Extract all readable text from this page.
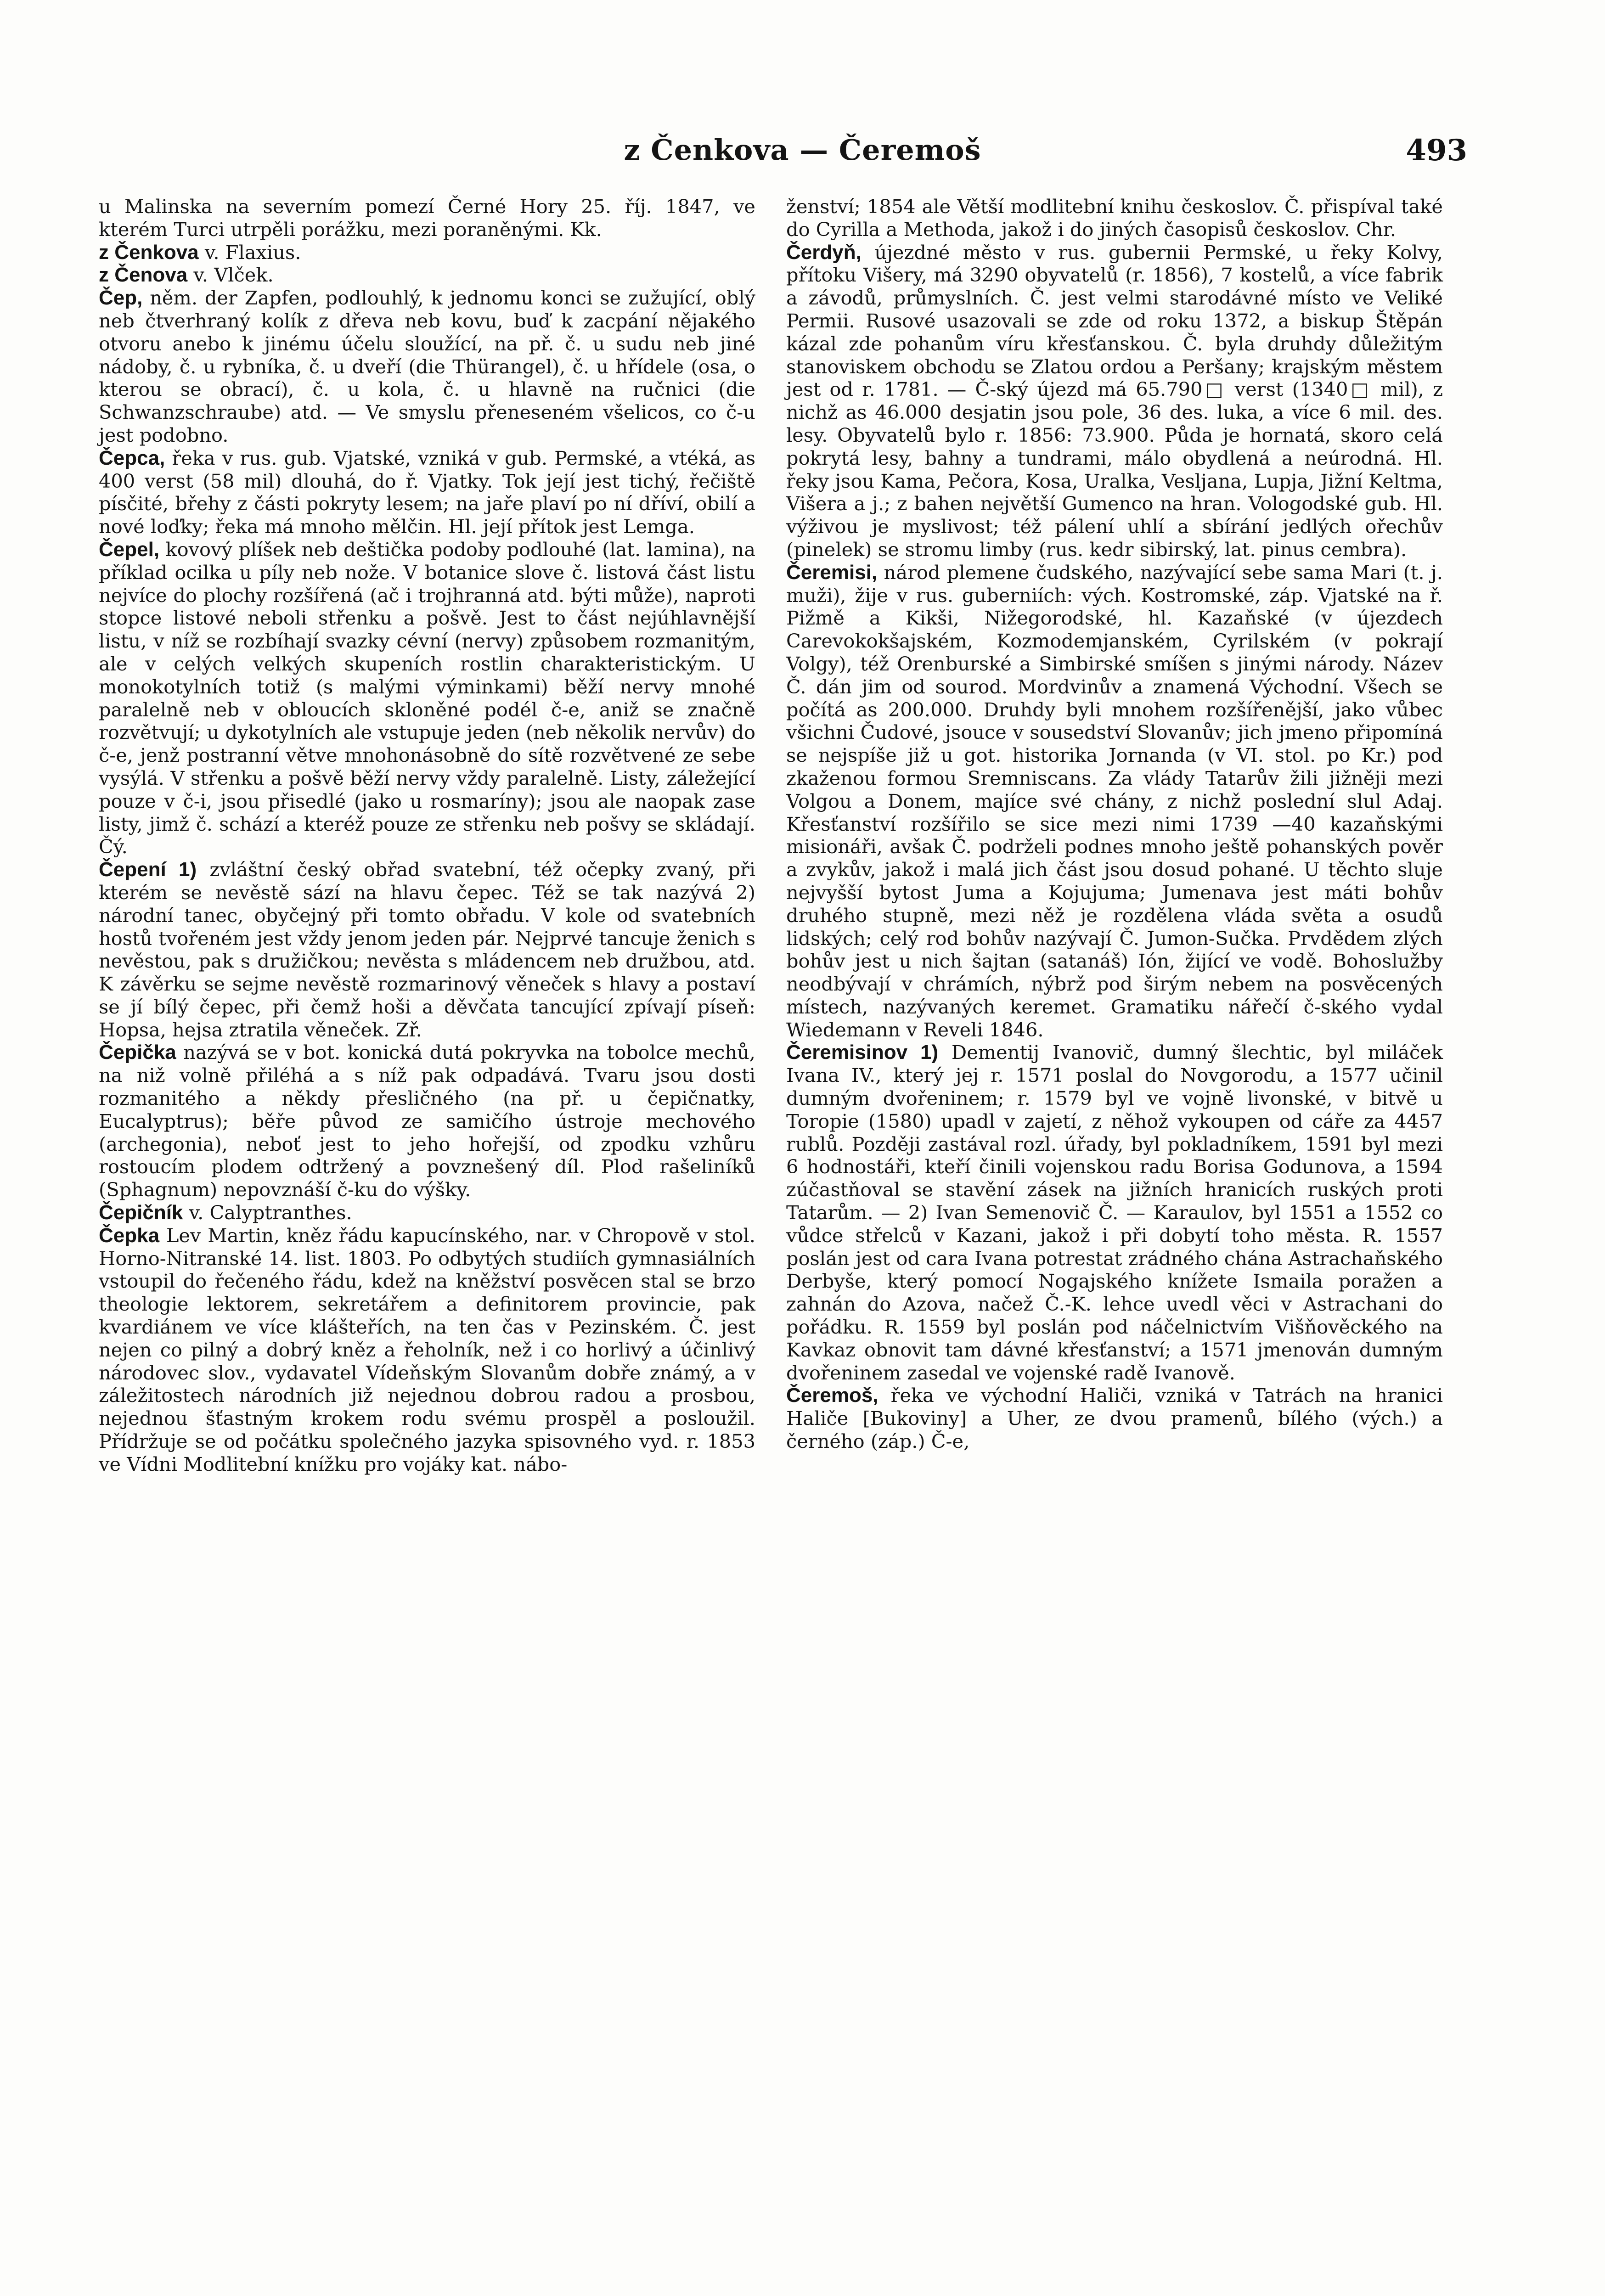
z Čenkova — Čeremoš	493

u Malinska na severním pomezí Černé Hory 25. říj. 1847, ve kterém Turci utrpěli porážku, mezi poraněnými. Kk.

z Čenkova v. Flaxius.

z Čenova v. Vlček.

Čep, něm. der Zapfen, podlouhlý, k jednomu konci se zužující, oblý neb čtverhraný kolík z dřeva neb kovu, buď k zacpání nějakého otvoru anebo k jinému účelu sloužící, na př. č. u sudu neb jiné nádoby, č. u rybníka, č. u dveří (die Thürangel), č. u hřídele (osa, o kterou se obrací), č. u kola, č. u hlavně na ručnici (die Schwanzschraube) atd. — Ve smyslu přeneseném všelicos, co č-u jest podobno.

Čepca, řeka v rus. gub. Vjatské, vzniká v gub. Permské, a vtéká, as 400 verst (58 mil) dlouhá, do ř. Vjatky. Tok její jest tichý, řečiště písčité, břehy z části pokryty lesem; na jaře plaví po ní dříví, obilí a nové loďky; řeka má mnoho mělčin. Hl. její přítok jest Lemga.

Čepel, kovový plíšek neb deštička podoby podlouhé (lat. lamina), na příklad ocilka u píly neb nože. V botanice slove č. listová část listu nejvíce do plochy rozšířená (ač i trojhranná atd. býti může), naproti stopce listové neboli střenku a pošvě. Jest to část nejúhlavnější listu, v níž se rozbíhají svazky cévní (nervy) způsobem rozmanitým, ale v celých velkých skupeních rostlin charakteristickým. U monokotylních totiž (s malými výminkami) běží nervy mnohé paralelně neb v obloucích skloněné podél č-e, aniž se značně rozvětvují; u dykotylních ale vstupuje jeden (neb několik nervův) do č-e, jenž postranní větve mnohonásobně do sítě rozvětvené ze sebe vysýlá. V střenku a pošvě běží nervy vždy paralelně. Listy, záležející pouze v č-i, jsou přisedlé (jako u rosmaríny); jsou ale naopak zase listy, jimž č. schází a kteréž pouze ze střenku neb pošvy se skládají. Čý.

Čepení 1) zvláštní český obřad svatební, též očepky zvaný, při kterém se nevěstě sází na hlavu čepec. Též se tak nazývá 2) národní tanec, obyčejný při tomto obřadu. V kole od svatebních hostů tvořeném jest vždy jenom jeden pár. Nejprvé tancuje ženich s nevěstou, pak s družičkou; nevěsta s mládencem neb družbou, atd. K závěrku se sejme nevěstě rozmarinový věneček s hlavy a postaví se jí bílý čepec, při čemž hoši a děvčata tancující zpívají píseň: Hopsa, hejsa ztratila věneček. Zř.

Čepička nazývá se v bot. konická dutá pokryvka na tobolce mechů, na niž volně přiléhá a s níž pak odpadává. Tvaru jsou dosti rozmanitého a někdy přesličného (na př. u čepičnatky, Eucalyptrus); běře původ ze samičího ústroje mechového (archegonia), neboť jest to jeho hořejší, od zpodku vzhůru rostoucím plodem odtržený a povznešený díl. Plod rašeliníků (Sphagnum) nepovznáší č-ku do výšky.

Čepičník v. Calyptranthes.

Čepka Lev Martin, kněz řádu kapucínského, nar. v Chropově v stol. Horno-Nitranské 14. list. 1803. Po odbytých studiích gymnasiálních vstoupil do řečeného řádu, kdež na kněžství posvěcen stal se brzo theologie lektorem, sekretářem a definitorem provincie, pak kvardiánem ve více klášteřích, na ten čas v Pezinském. Č. jest nejen co pilný a dobrý kněz a řeholník, než i co horlivý a účinlivý národovec slov., vydavatel Vídeňským Slovanům dobře známý, a v záležitostech národních již nejednou dobrou radou a prosbou, nejednou šťastným krokem rodu svému prospěl a posloužil. Přídržuje se od počátku společného jazyka spisovného vyd. r. 1853 ve Vídni Modlitební knížku pro vojáky kat. nábo-

ženství; 1854 ale Větší modlitební knihu českoslov. Č. přispíval také do Cyrilla a Methoda, jakož i do jiných časopisů českoslov. Chr.

Čerdyň, újezdné město v rus. gubernii Permské, u řeky Kolvy, přítoku Višery, má 3290 obyvatelů (r. 1856), 7 kostelů, a více fabrik a závodů, průmyslních. Č. jest velmi starodávné místo ve Veliké Permii. Rusové usazovali se zde od roku 1372, a biskup Štěpán kázal zde pohanům víru křesťanskou. Č. byla druhdy důležitým stanoviskem obchodu se Zlatou ordou a Peršany; krajským městem jest od r. 1781. — Č-ský újezd má 65.790□ verst (1340□ mil), z nichž as 46.000 desjatin jsou pole, 36 des. luka, a více 6 mil. des. lesy. Obyvatelů bylo r. 1856: 73.900. Půda je hornatá, skoro celá pokrytá lesy, bahny a tundrami, málo obydlená a neúrodná. Hl. řeky jsou Kama, Pečora, Kosa, Uralka, Vesljana, Lupja, Jižní Keltma, Višera a j.; z bahen největší Gumenco na hran. Vologodské gub. Hl. výživou je myslivost; též pálení uhlí a sbírání jedlých ořechův (pinelek) se stromu limby (rus. kedr sibirský, lat. pinus cembra).

Čeremisi, národ plemene čudského, nazývající sebe sama Mari (t. j. muži), žije v rus. guberniích: vých. Kostromské, záp. Vjatské na ř. Pižmě a Kikši, Nižegorodské, hl. Kazaňské (v újezdech Carevokokšajském, Kozmodemjanském, Cyrilském (v pokrají Volgy), též Orenburské a Simbirské smíšen s jinými národy. Název Č. dán jim od sourod. Mordvinův a znamená Východní. Všech se počítá as 200.000. Druhdy byli mnohem rozšířenější, jako vůbec všichni Čudové, jsouce v sousedství Slovanův; jich jmeno připomíná se nejspíše již u got. historika Jornanda (v VI. stol. po Kr.) pod zkaženou formou Sremniscans. Za vlády Tatarův žili jižněji mezi Volgou a Donem, majíce své chány, z nichž poslední slul Adaj. Křesťanství rozšířilo se sice mezi nimi 1739 —40 kazaňskými misionáři, avšak Č. podrželi podnes mnoho ještě pohanských pověr a zvykův, jakož i malá jich část jsou dosud pohané. U těchto sluje nejvyšší bytost Juma a Kojujuma; Jumenava jest máti bohův druhého stupně, mezi něž je rozdělena vláda světa a osudů lidských; celý rod bohův nazývají Č. Jumon-Sučka. Prvdědem zlých bohův jest u nich šajtan (satanáš) Ión, žijící ve vodě. Bohoslužby neodbývají v chrámích, nýbrž pod širým nebem na posvěcených místech, nazývaných keremet. Gramatiku nářečí č-ského vydal Wiedemann v Reveli 1846.

Čeremisinov 1) Dementij Ivanovič, dumný šlechtic, byl miláček Ivana IV., který jej r. 1571 poslal do Novgorodu, a 1577 učinil dumným dvořeninem; r. 1579 byl ve vojně livonské, v bitvě u Toropie (1580) upadl v zajetí, z něhož vykoupen od cáře za 4457 rublů. Později zastával rozl. úřady, byl pokladníkem, 1591 byl mezi 6 hodnostáři, kteří činili vojenskou radu Borisa Godunova, a 1594 zúčastňoval se stavění zásek na jižních hranicích ruských proti Tatarům. — 2) Ivan Semenovič Č. — Karaulov, byl 1551 a 1552 co vůdce střelců v Kazani, jakož i při dobytí toho města. R. 1557 poslán jest od cara Ivana potrestat zrádného chána Astrachaňského Derbyše, který pomocí Nogajského knížete Ismaila poražen a zahnán do Azova, načež Č.-K. lehce uvedl věci v Astrachani do pořádku. R. 1559 byl poslán pod náčelnictvím Višňověckého na Kavkaz obnovit tam dávné křesťanství; a 1571 jmenován dumným dvořeninem zasedal ve vojenské radě Ivanově.

Čeremoš, řeka ve východní Haliči, vzniká v Tatrách na hranici Haliče [Bukoviny] a Uher, ze dvou pramenů, bílého (vých.) a černého (záp.) Č-e,
